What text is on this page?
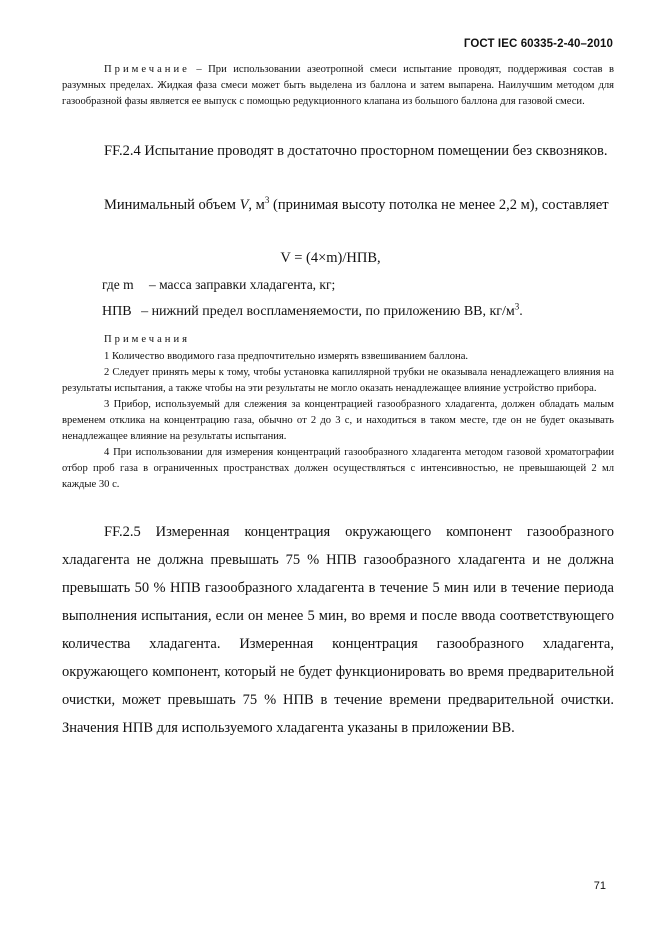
ГОСТ IEC 60335-2-40–2010

Примечание – При использовании азеотропной смеси испытание проводят, поддерживая состав в разумных пределах. Жидкая фаза смеси может быть выделена из баллона и затем выпарена. Наилучшим методом для газообразной фазы является ее выпуск с помощью редукционного клапана из большого баллона для газовой смеси.

FF.2.4 Испытание проводят в достаточно просторном помещении без сквозняков.

Минимальный объем V, $м^3$ (принимая высоту потолка не менее 2,2 м), составляет

V = (4×m)/НПВ,
где m – масса заправки хладагента, кг;
НПВ – нижний предел воспламеняемости, по приложению ВВ, $кг/м^3$.

Примечания

1 Количество вводимого газа предпочтительно измерять взвешиванием баллона.

2 Следует принять меры к тому, чтобы установка капиллярной трубки не оказывала ненадлежащего влияния на результаты испытания, а также чтобы на эти результаты не могло оказать ненадлежащее влияние устройство прибора.

3 Прибор, используемый для слежения за концентрацией газообразного хладагента, должен обладать малым временем отклика на концентрацию газа, обычно от 2 до 3 с, и находиться в таком месте, где он не будет оказывать ненадлежащее влияние на результаты испытания.

4 При использовании для измерения концентраций газообразного хладагента методом газовой хроматографии отбор проб газа в ограниченных пространствах должен осуществляться с интенсивностью, не превышающей 2 мл каждые 30 с.

FF.2.5 Измеренная концентрация окружающего компонент газообразного хладагента не должна превышать 75 % НПВ газообразного хладагента и не должна превышать 50 % НПВ газообразного хладагента в течение 5 мин или в течение периода выполнения испытания, если он менее 5 мин, во время и после ввода соответствующего количества хладагента. Измеренная концентрация газообразного хладагента, окружающего компонент, который не будет функционировать во время предварительной очистки, может превышать 75 % НПВ в течение времени предварительной очистки. Значения НПВ для используемого хладагента указаны в приложении ВВ.

71
